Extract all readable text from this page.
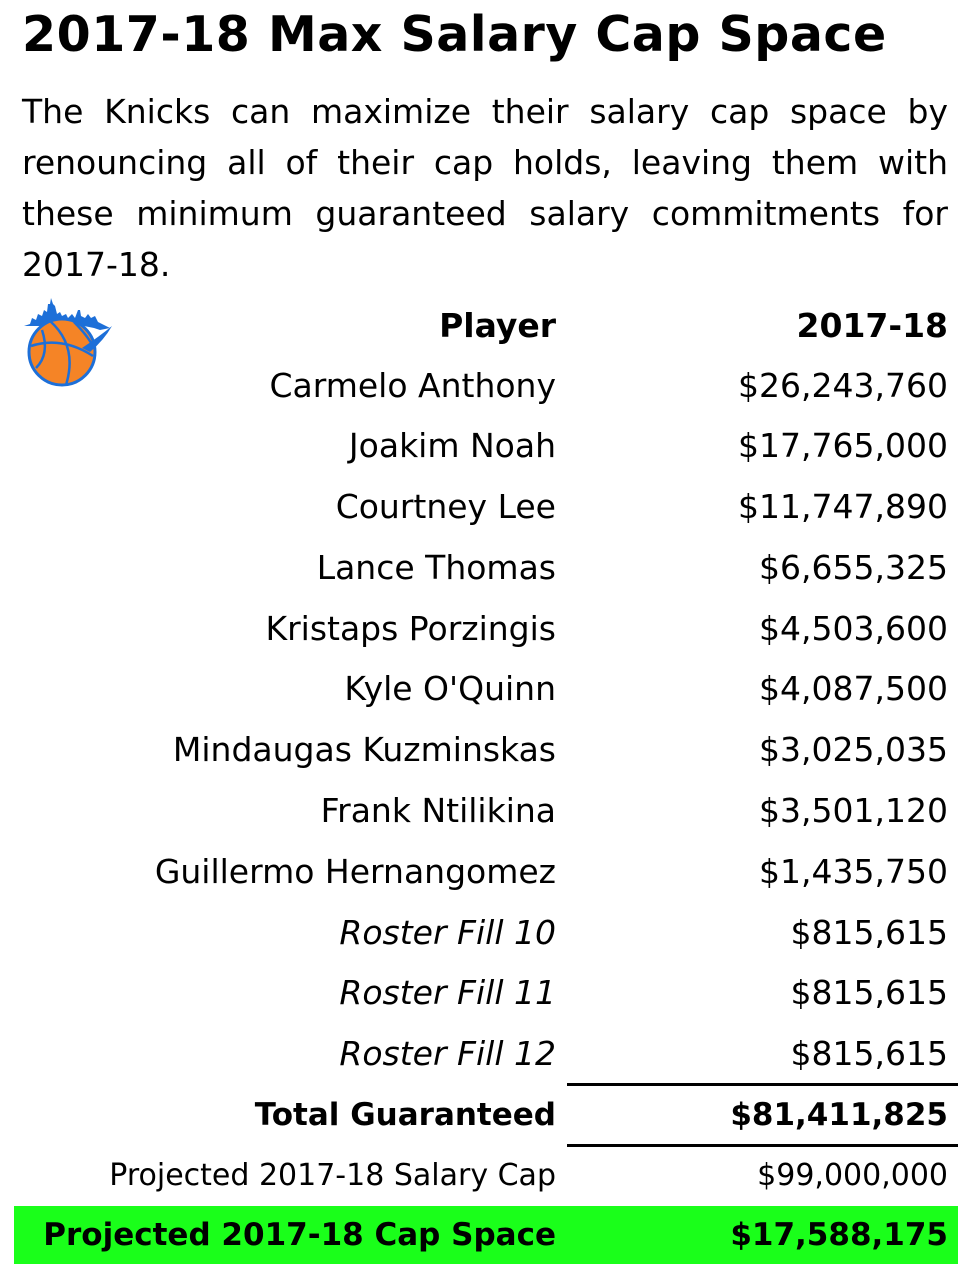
2017-18 Max Salary Cap Space
The Knicks can maximize their salary cap space by renouncing all of their cap holds, leaving them with these minimum guaranteed salary commitments for 2017-18.
Player	2017-18
Carmelo Anthony	$26,243,760
Joakim Noah	$17,765,000
Courtney Lee	$11,747,890
Lance Thomas	$6,655,325
Kristaps Porzingis	$4,503,600
Kyle O'Quinn	$4,087,500
Mindaugas Kuzminskas	$3,025,035
Frank Ntilikina	$3,501,120
Guillermo Hernangomez	$1,435,750
Roster Fill 10	$815,615
Roster Fill 11	$815,615
Roster Fill 12	$815,615
Total Guaranteed	$81,411,825
Projected 2017-18 Salary Cap	$99,000,000
Projected 2017-18 Cap Space	$17,588,175
